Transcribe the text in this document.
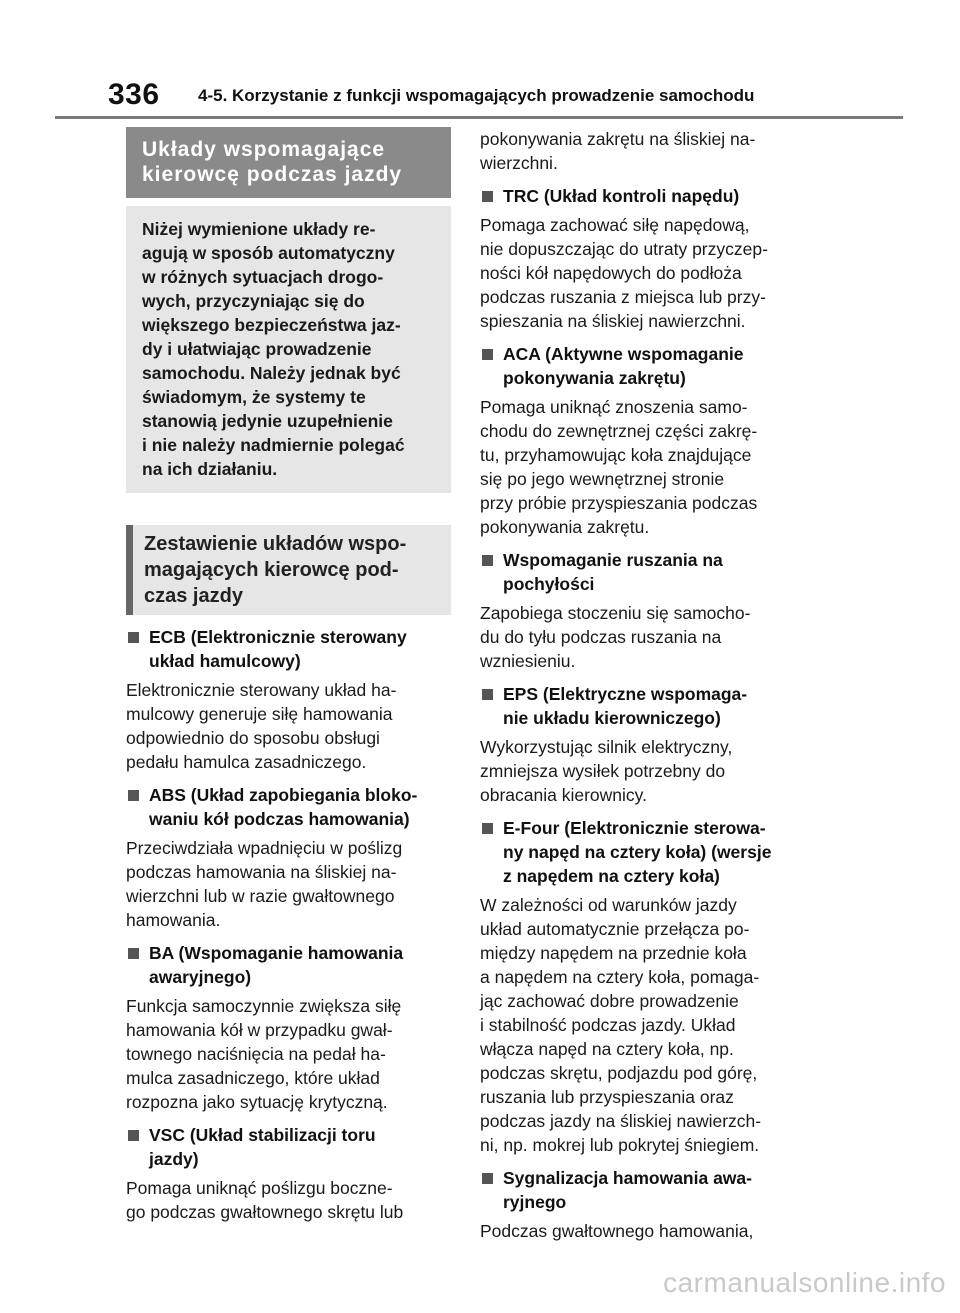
336 4-5. Korzystanie z funkcji wspomagających prowadzenie samochodu
Układy wspomagające
kierowcę podczas jazdy
Niżej wymienione układy re-
agują w sposób automatyczny
w różnych sytuacjach drogo-
wych, przyczyniając się do
większego bezpieczeństwa jaz-
dy i ułatwiając prowadzenie
samochodu. Należy jednak być
świadomym, że systemy te
stanowią jedynie uzupełnienie
i nie należy nadmiernie polegać
na ich działaniu.
Zestawienie układów wspo-
magających kierowcę pod-
czas jazdy
ECB (Elektronicznie sterowany
układ hamulcowy)
Elektronicznie sterowany układ ha-
mulcowy generuje siłę hamowania
odpowiednio do sposobu obsługi
pedału hamulca zasadniczego.
ABS (Układ zapobiegania bloko-
waniu kół podczas hamowania)
Przeciwdziała wpadnięciu w poślizg
podczas hamowania na śliskiej na-
wierzchni lub w razie gwałtownego
hamowania.
BA (Wspomaganie hamowania
awaryjnego)
Funkcja samoczynnie zwiększa siłę
hamowania kół w przypadku gwał-
townego naciśnięcia na pedał ha-
mulca zasadniczego, które układ
rozpozna jako sytuację krytyczną.
VSC (Układ stabilizacji toru
jazdy)
Pomaga uniknąć poślizgu boczne-
go podczas gwałtownego skrętu lub
pokonywania zakrętu na śliskiej na-
wierzchni.
TRC (Układ kontroli napędu)
Pomaga zachować siłę napędową,
nie dopuszczając do utraty przyczep-
ności kół napędowych do podłoża
podczas ruszania z miejsca lub przy-
spieszania na śliskiej nawierzchni.
ACA (Aktywne wspomaganie
pokonywania zakrętu)
Pomaga uniknąć znoszenia samo-
chodu do zewnętrznej części zakrę-
tu, przyhamowując koła znajdujące
się po jego wewnętrznej stronie
przy próbie przyspieszania podczas
pokonywania zakrętu.
Wspomaganie ruszania na
pochyłości
Zapobiega stoczeniu się samocho-
du do tyłu podczas ruszania na
wzniesieniu.
EPS (Elektryczne wspomaga-
nie układu kierowniczego)
Wykorzystując silnik elektryczny,
zmniejsza wysiłek potrzebny do
obracania kierownicy.
E-Four (Elektronicznie sterowa-
ny napęd na cztery koła) (wersje
z napędem na cztery koła)
W zależności od warunków jazdy
układ automatycznie przełącza po-
między napędem na przednie koła
a napędem na cztery koła, pomaga-
jąc zachować dobre prowadzenie
i stabilność podczas jazdy. Układ
włącza napęd na cztery koła, np.
podczas skrętu, podjazdu pod górę,
ruszania lub przyspieszania oraz
podczas jazdy na śliskiej nawierzch-
ni, np. mokrej lub pokrytej śniegiem.
Sygnalizacja hamowania awa-
ryjnego
Podczas gwałtownego hamowania,
carmanualsonline.info
